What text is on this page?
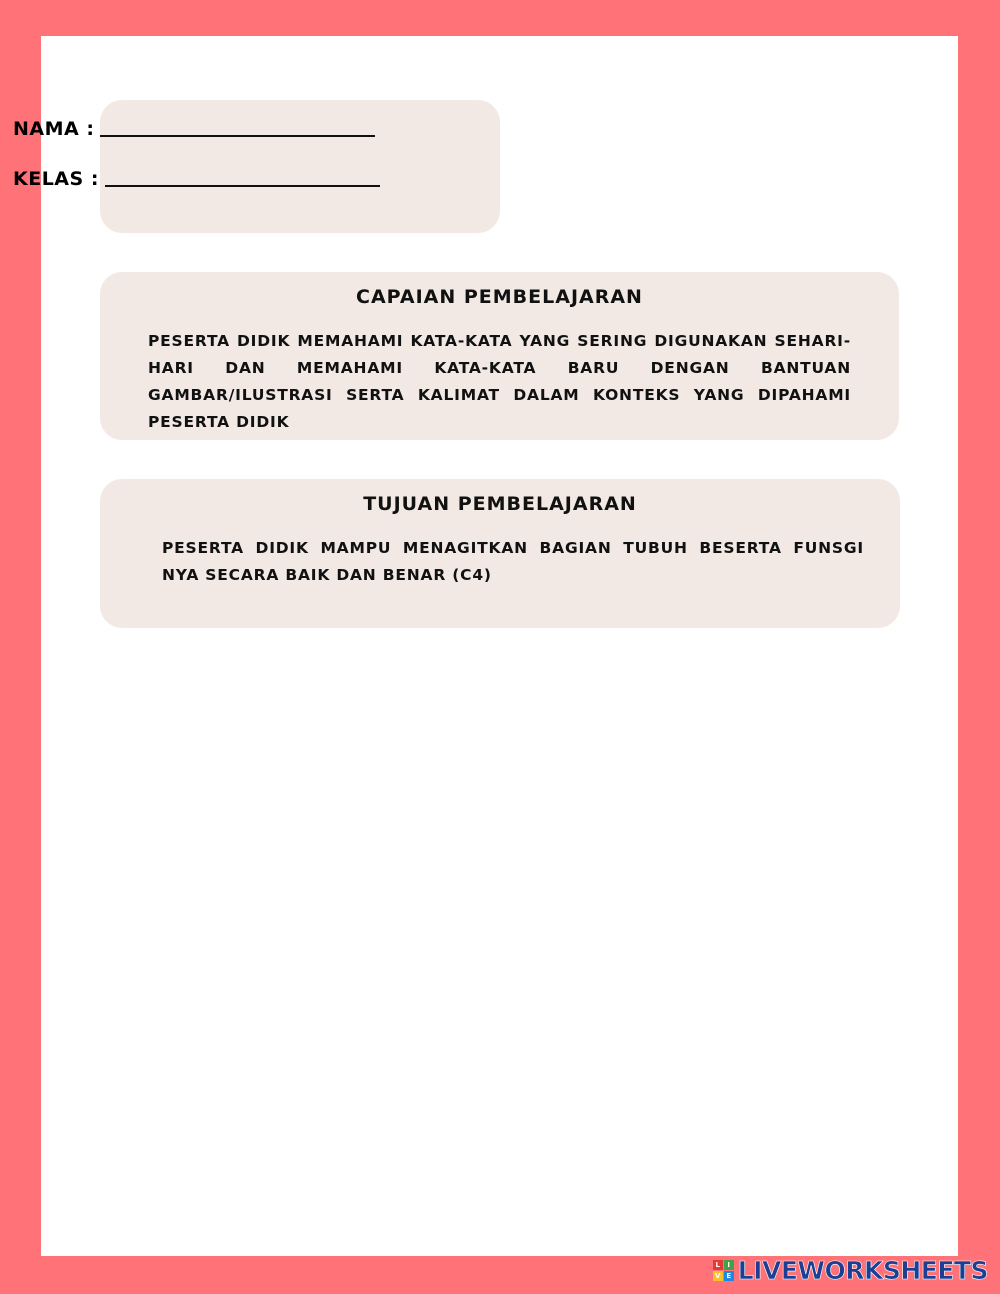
NAMA :
KELAS :
CAPAIAN PEMBELAJARAN
PESERTA DIDIK MEMAHAMI KATA-KATA YANG SERING DIGUNAKAN SEHARI-HARI DAN MEMAHAMI KATA-KATA BARU DENGAN BANTUAN GAMBAR/ILUSTRASI SERTA KALIMAT DALAM KONTEKS YANG DIPAHAMI PESERTA DIDIK
TUJUAN PEMBELAJARAN
PESERTA DIDIK MAMPU MENAGITKAN BAGIAN TUBUH BESERTA FUNSGI NYA SECARA BAIK DAN BENAR (C4)
L	I
V E LIVEWORKSHEETS
